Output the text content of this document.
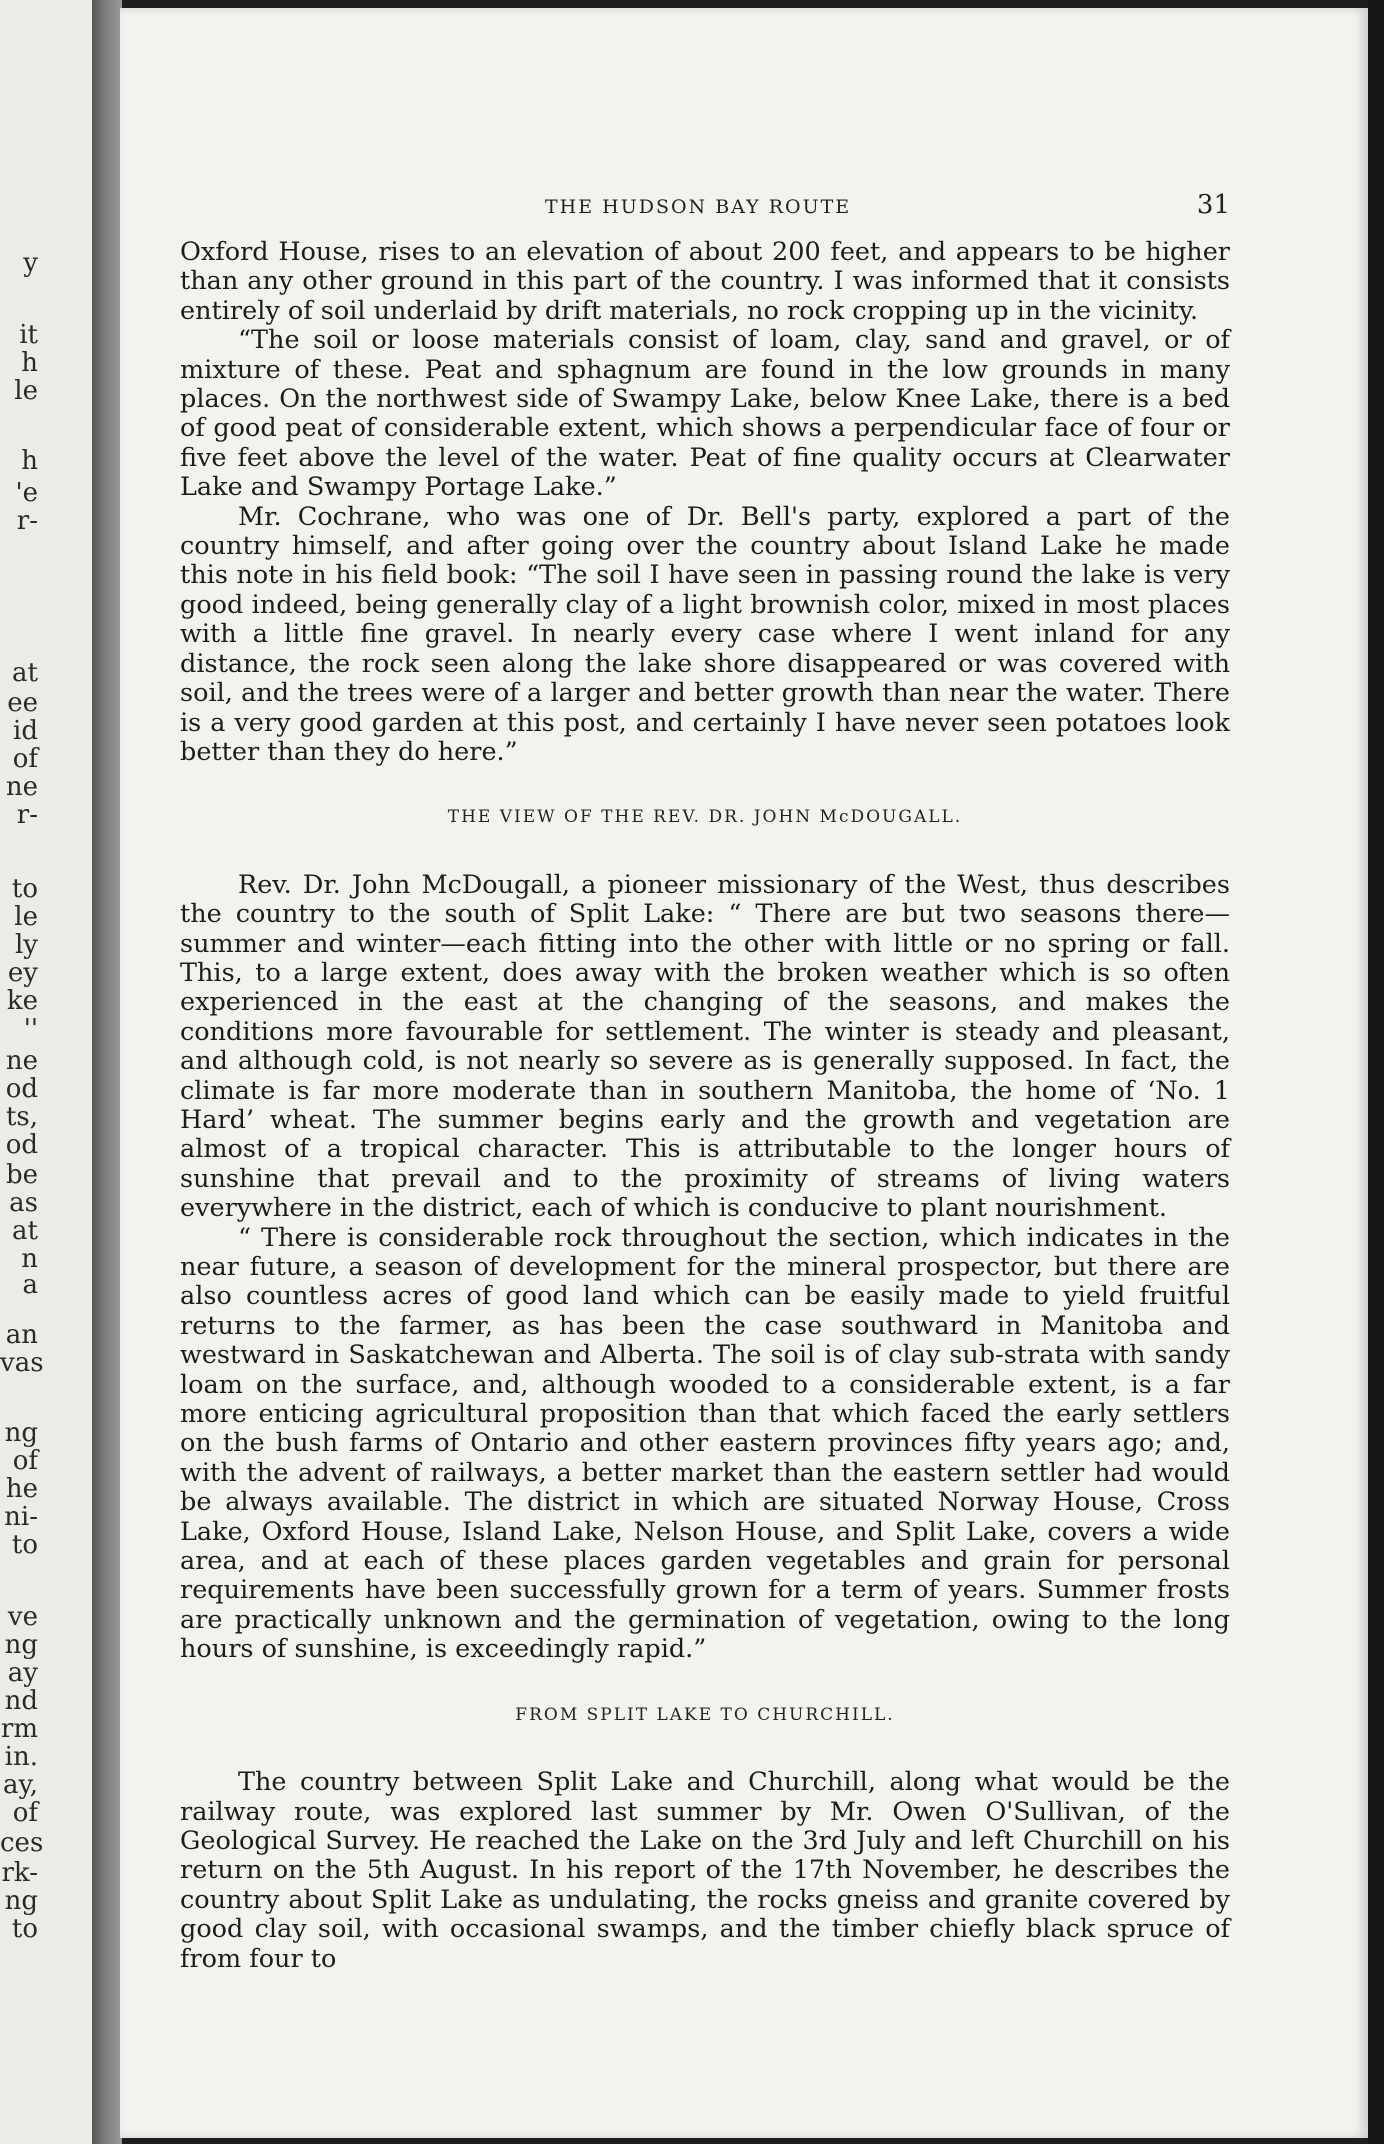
y
it
h
le
h
'e
r-
at
ee
id
of
ne
r-
to
le
ly
ey
ke
''
ne
od
ts,
od
be
as
at
n a
an
vas
ng
of
he
ni-
to
ve
ng
ay
nd
rm
in.
ay,
of
ces
rk-
ng
to
THE HUDSON BAY ROUTE	31

Oxford House, rises to an elevation of about 200 feet, and appears to be higher than any other ground in this part of the country. I was informed that it consists entirely of soil underlaid by drift materials, no rock cropping up in the vicinity.

“The soil or loose materials consist of loam, clay, sand and gravel, or of mixture of these. Peat and sphagnum are found in the low grounds in many places. On the northwest side of Swampy Lake, below Knee Lake, there is a bed of good peat of considerable extent, which shows a perpendicular face of four or five feet above the level of the water. Peat of fine quality occurs at Clearwater Lake and Swampy Portage Lake.”

Mr. Cochrane, who was one of Dr. Bell's party, explored a part of the country himself, and after going over the country about Island Lake he made this note in his field book: “The soil I have seen in passing round the lake is very good indeed, being generally clay of a light brownish color, mixed in most places with a little fine gravel. In nearly every case where I went inland for any distance, the rock seen along the lake shore disappeared or was covered with soil, and the trees were of a larger and better growth than near the water. There is a very good garden at this post, and certainly I have never seen potatoes look better than they do here.”

THE VIEW OF THE REV. DR. JOHN McDOUGALL.

Rev. Dr. John McDougall, a pioneer missionary of the West, thus describes the country to the south of Split Lake: “ There are but two seasons there—summer and winter—each fitting into the other with little or no spring or fall. This, to a large extent, does away with the broken weather which is so often experienced in the east at the changing of the seasons, and makes the conditions more favourable for settlement. The winter is steady and pleasant, and although cold, is not nearly so severe as is generally supposed. In fact, the climate is far more moderate than in southern Manitoba, the home of ‘No. 1 Hard’ wheat. The summer begins early and the growth and vegetation are almost of a tropical character. This is attributable to the longer hours of sunshine that prevail and to the proximity of streams of living waters everywhere in the district, each of which is conducive to plant nourishment.

“ There is considerable rock throughout the section, which indicates in the near future, a season of development for the mineral prospector, but there are also countless acres of good land which can be easily made to yield fruitful returns to the farmer, as has been the case southward in Manitoba and westward in Saskatchewan and Alberta. The soil is of clay sub-strata with sandy loam on the surface, and, although wooded to a considerable extent, is a far more enticing agricultural proposition than that which faced the early settlers on the bush farms of Ontario and other eastern provinces fifty years ago; and, with the advent of railways, a better market than the eastern settler had would be always available. The district in which are situated Norway House, Cross Lake, Oxford House, Island Lake, Nelson House, and Split Lake, covers a wide area, and at each of these places garden vegetables and grain for personal requirements have been successfully grown for a term of years. Summer frosts are practically unknown and the germination of vegetation, owing to the long hours of sunshine, is exceedingly rapid.”

FROM SPLIT LAKE TO CHURCHILL.

The country between Split Lake and Churchill, along what would be the railway route, was explored last summer by Mr. Owen O'Sullivan, of the Geological Survey. He reached the Lake on the 3rd July and left Churchill on his return on the 5th August. In his report of the 17th November, he describes the country about Split Lake as undulating, the rocks gneiss and granite covered by good clay soil, with occasional swamps, and the timber chiefly black spruce of from four to
